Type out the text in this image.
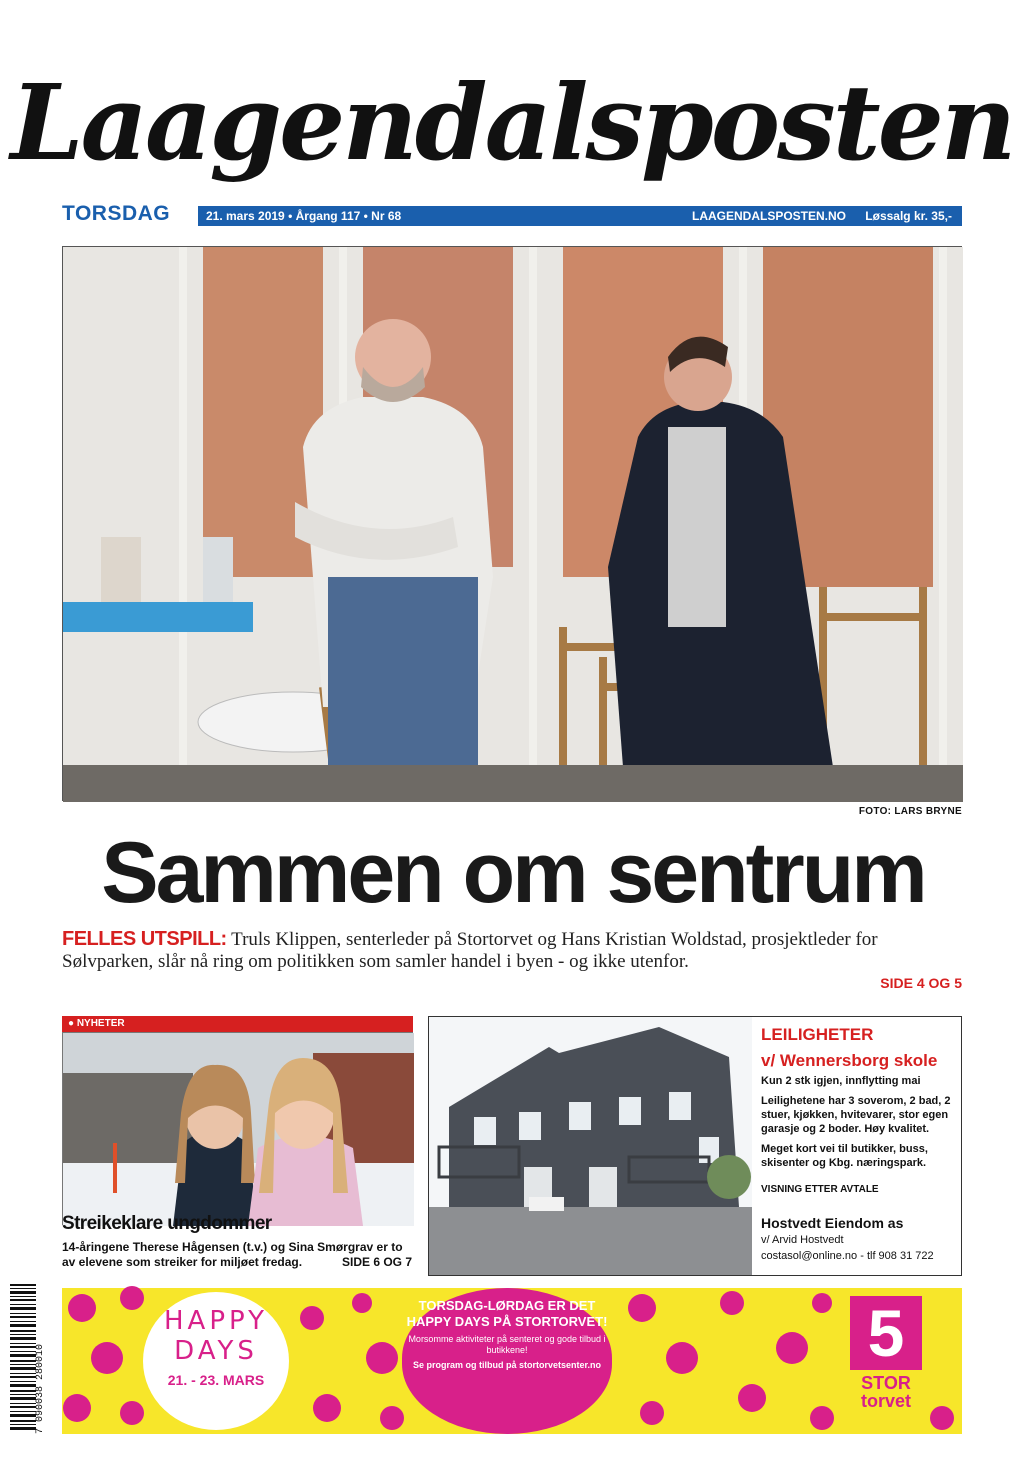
Laagendalsposten
TORSDAG	21. mars 2019 • Årgang 117 • Nr 68	LAAGENDALSPOSTEN.NO Løssalg kr. 35,-
FOTO: LARS BRYNE
Sammen om sentrum

FELLES UTSPILL: Truls Klippen, senterleder på Stortorvet og Hans Kristian Woldstad, prosjektleder for Sølvparken, slår nå ring om politikken som samler handel i byen - og ikke utenfor.

SIDE 4 OG 5
● NYHETER
Streikeklare ungdommer
14-åringene Therese Hågensen (t.v.) og Sina Smørgrav er to av elevene som streiker for miljøet fredag.	SIDE 6 OG 7
LEILIGHETER
v/ Wennersborg skole
Kun 2 stk igjen, innflytting mai
Leilighetene har 3 soverom, 2 bad, 2 stuer, kjøkken, hvitevarer, stor egen garasje og 2 boder. Høy kvalitet.
Meget kort vei til butikker, buss, skisenter og Kbg. næringspark.
VISNING ETTER AVTALE
Hostvedt Eiendom as
v/ Arvid Hostvedt
costasol@online.no - tlf 908 31 722
7 090038 280010
HAPPY
DAYS
21. - 23. MARS
TORSDAG-LØRDAG ER DET HAPPY DAYS PÅ STORTORVET!
Morsomme aktiviteter på senteret og gode tilbud i butikkene!
Se program og tilbud på stortorvetsenter.no	5
STOR
torvet
